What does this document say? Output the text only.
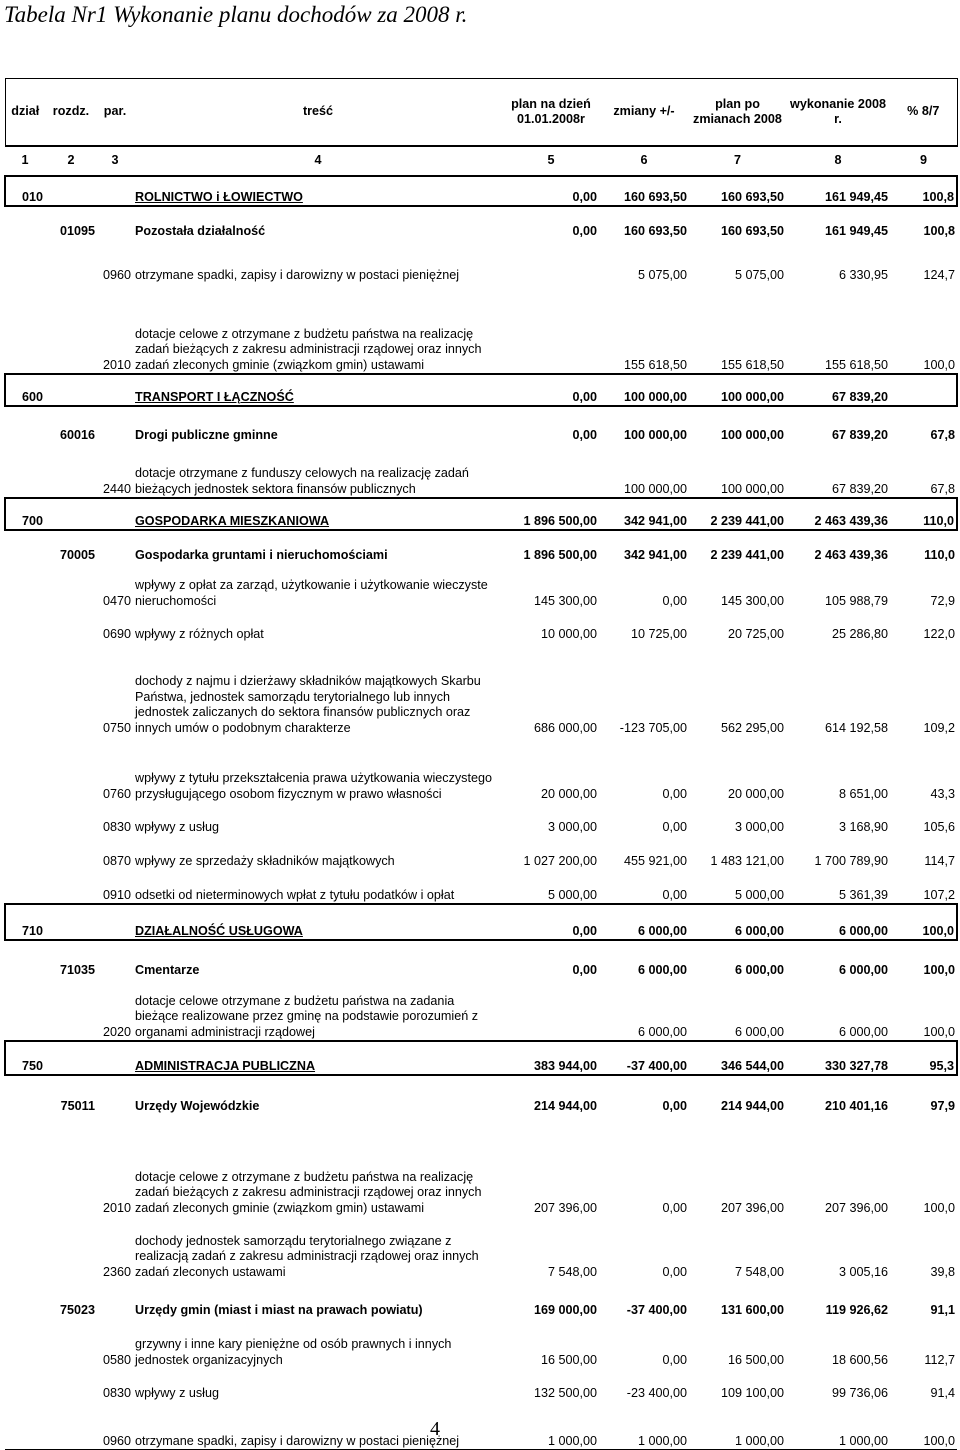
Tabela Nr1 Wykonanie planu dochodów za 2008 r.
dział	rozdz.	par.	treść	plan na dzień 01.01.2008r	zmiany +/-	plan po zmianach 2008	wykonanie 2008 r.	% 8/7
1	2	3	4	5	6	7	8	9
010			ROLNICTWO i ŁOWIECTWO	0,00	160 693,50	160 693,50	161 949,45	100,8
	01095		Pozostała działalność	0,00	160 693,50	160 693,50	161 949,45	100,8
		0960	otrzymane spadki, zapisy i darowizny w postaci pieniężnej		5 075,00	5 075,00	6 330,95	124,7
		2010	dotacje celowe z otrzymane z budżetu państwa na realizację zadań bieżących z zakresu administracji rządowej oraz innych zadań zleconych gminie (związkom gmin) ustawami		155 618,50	155 618,50	155 618,50	100,0
600			TRANSPORT I ŁĄCZNOŚĆ	0,00	100 000,00	100 000,00	67 839,20	
	60016		Drogi publiczne gminne	0,00	100 000,00	100 000,00	67 839,20	67,8
		2440	dotacje otrzymane z funduszy celowych na realizację zadań bieżących jednostek sektora finansów publicznych		100 000,00	100 000,00	67 839,20	67,8
700			GOSPODARKA MIESZKANIOWA	1 896 500,00	342 941,00	2 239 441,00	2 463 439,36	110,0
	70005		Gospodarka gruntami i nieruchomościami	1 896 500,00	342 941,00	2 239 441,00	2 463 439,36	110,0
		0470	wpływy z opłat za zarząd, użytkowanie i użytkowanie wieczyste nieruchomości	145 300,00	0,00	145 300,00	105 988,79	72,9
		0690	wpływy z różnych opłat	10 000,00	10 725,00	20 725,00	25 286,80	122,0
		0750	dochody z najmu i dzierżawy składników majątkowych Skarbu Państwa, jednostek samorządu terytorialnego lub innych jednostek zaliczanych do sektora finansów publicznych oraz innych umów o podobnym charakterze	686 000,00	-123 705,00	562 295,00	614 192,58	109,2
		0760	wpływy z tytułu przekształcenia prawa użytkowania wieczystego przysługującego osobom fizycznym w prawo własności	20 000,00	0,00	20 000,00	8 651,00	43,3
		0830	wpływy z usług	3 000,00	0,00	3 000,00	3 168,90	105,6
		0870	wpływy ze sprzedaży składników majątkowych	1 027 200,00	455 921,00	1 483 121,00	1 700 789,90	114,7
		0910	odsetki od nieterminowych wpłat z tytułu podatków i opłat	5 000,00	0,00	5 000,00	5 361,39	107,2
710			DZIAŁALNOŚĆ USŁUGOWA	0,00	6 000,00	6 000,00	6 000,00	100,0
	71035		Cmentarze	0,00	6 000,00	6 000,00	6 000,00	100,0
		2020	dotacje celowe otrzymane z budżetu państwa na zadania bieżące realizowane przez gminę na podstawie porozumień z organami administracji rządowej		6 000,00	6 000,00	6 000,00	100,0
750			ADMINISTRACJA PUBLICZNA	383 944,00	-37 400,00	346 544,00	330 327,78	95,3
	75011		Urzędy Wojewódzkie	214 944,00	0,00	214 944,00	210 401,16	97,9
		2010	dotacje celowe z otrzymane z budżetu państwa na realizację zadań bieżących z zakresu administracji rządowej oraz innych zadań zleconych gminie (związkom gmin) ustawami	207 396,00	0,00	207 396,00	207 396,00	100,0
		2360	dochody jednostek samorządu terytorialnego związane z realizacją zadań z zakresu administracji rządowej oraz innych zadań zleconych ustawami	7 548,00	0,00	7 548,00	3 005,16	39,8
	75023		Urzędy gmin (miast i miast na prawach powiatu)	169 000,00	-37 400,00	131 600,00	119 926,62	91,1
		0580	grzywny i inne kary pieniężne od osób prawnych i innych jednostek organizacyjnych	16 500,00	0,00	16 500,00	18 600,56	112,7
		0830	wpływy z usług	132 500,00	-23 400,00	109 100,00	99 736,06	91,4
		0960	otrzymane spadki, zapisy i darowizny w postaci pieniężnej	1 000,00	1 000,00	1 000,00	1 000,00	100,0
4
